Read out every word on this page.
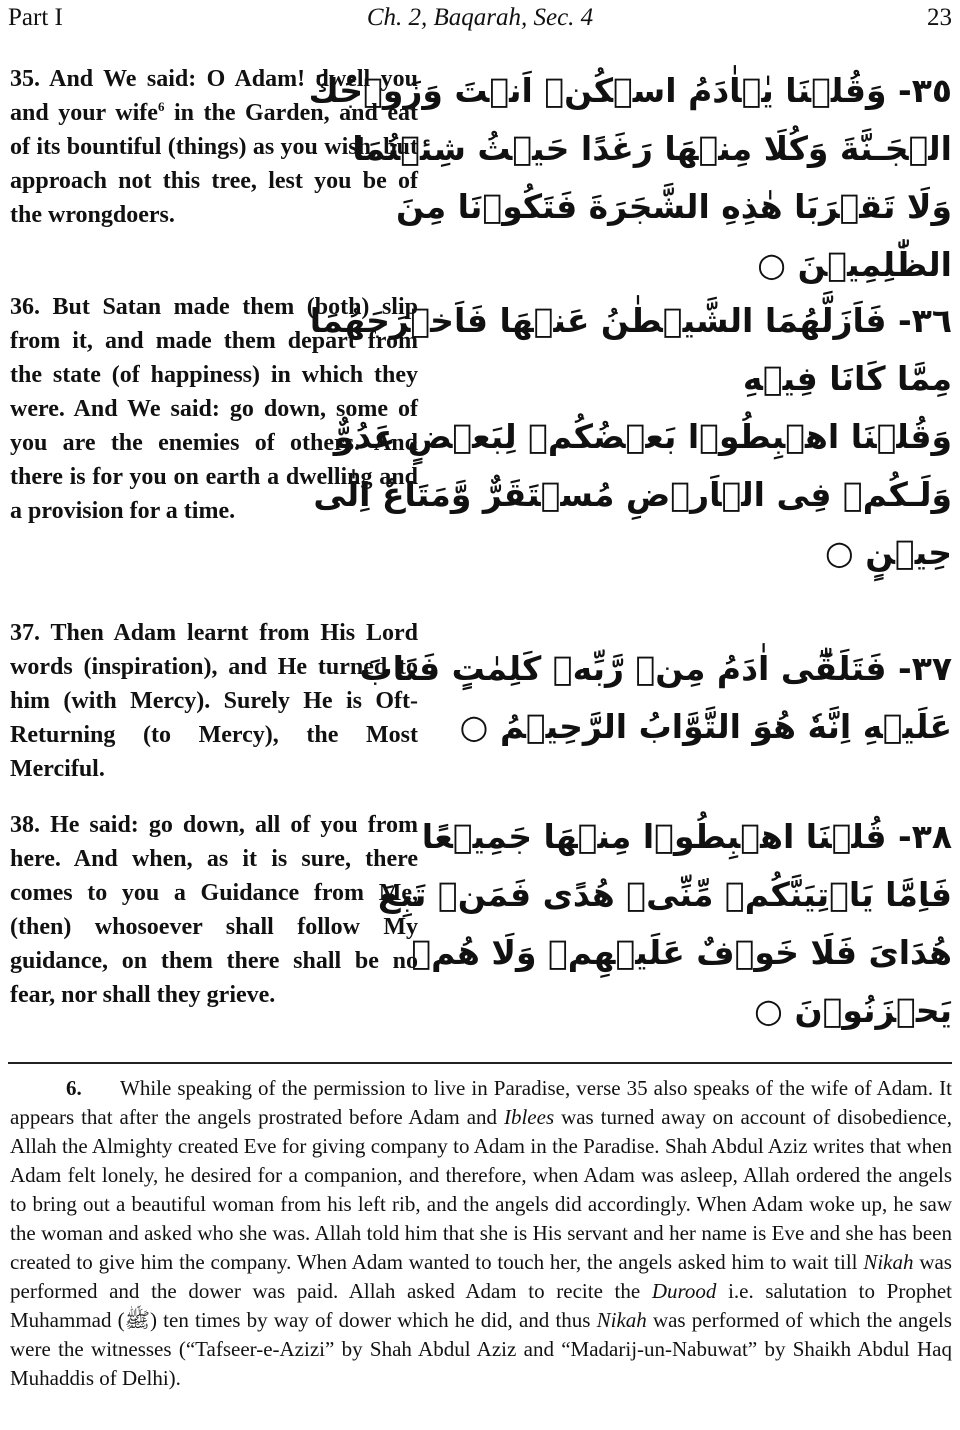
Part I	Ch. 2, Baqarah, Sec. 4	23
35. And We said: O Adam! dwell you and your wife$^6$ in the Garden, and eat of its bountiful (things) as you wish, but approach not this tree, lest you be of the wrongdoers.
٣٥- وَقُلۡنَا يٰۤاٰدَمُ اسۡكُنۡ اَنۡتَ وَزَوۡجُكَ
الۡجَـنَّةَ وَكُلَا مِنۡهَا رَغَدًا حَيۡثُ شِئۡتُمَا
وَلَا تَقۡرَبَا هٰذِهِ الشَّجَرَةَ فَتَكُوۡنَا مِنَ
الظّٰلِمِيۡنَ ○
36. But Satan made them (both) slip from it, and made them depart from the state (of happiness) in which they were. And We said: go down, some of you are the enemies of others. And there is for you on earth a dwelling and a provision for a time.
٣٦- فَاَزَلَّهُمَا الشَّيۡطٰنُ عَنۡهَا فَاَخۡرَجَهُمَا
مِمَّا كَانَا فِيۡهِ
وَقُلۡنَا اهۡبِطُوۡا بَعۡضُكُمۡ لِبَعۡضٍ عَدُوٌّ
وَلَـكُمۡ فِى الۡاَرۡضِ مُسۡتَقَرٌّ وَّمَتَاعٌ اِلٰى
حِيۡنٍ ○
37. Then Adam learnt from His Lord words (inspiration), and He turned to him (with Mercy). Surely He is Oft-Returning (to Mercy), the Most Merciful.
٣٧- فَتَلَقّٰٓى اٰدَمُ مِنۡ رَّبِّهٖ كَلِمٰتٍ فَتَابَ
عَلَيۡهِ اِنَّهٗ هُوَ التَّوَّابُ الرَّحِيۡمُ ○
38. He said: go down, all of you from here. And when, as it is sure, there comes to you a Guidance from Me, (then) whosoever shall follow My guidance, on them there shall be no fear, nor shall they grieve.
٣٨- قُلۡنَا اهۡبِطُوۡا مِنۡهَا جَمِيۡعًا
فَاِمَّا يَاۡتِيَنَّكُمۡ مِّنِّىۡ هُدًى فَمَنۡ تَبِعَ
هُدَاىَ فَلَا خَوۡفٌ عَلَيۡهِمۡ وَلَا هُمۡ
يَحۡزَنُوۡنَ ○
6. While speaking of the permission to live in Paradise, verse 35 also speaks of the wife of Adam. It appears that after the angels prostrated before Adam and Iblees was turned away on account of disobedience, Allah the Almighty created Eve for giving company to Adam in the Paradise. Shah Abdul Aziz writes that when Adam felt lonely, he desired for a companion, and therefore, when Adam was asleep, Allah ordered the angels to bring out a beautiful woman from his left rib, and the angels did accordingly. When Adam woke up, he saw the woman and asked who she was. Allah told him that she is His servant and her name is Eve and she has been created to give him the company. When Adam wanted to touch her, the angels asked him to wait till Nikah was performed and the dower was paid. Allah asked Adam to recite the Durood i.e. salutation to Prophet Muhammad (ﷺ) ten times by way of dower which he did, and thus Nikah was performed of which the angels were the witnesses (“Tafseer-e-Azizi” by Shah Abdul Aziz and “Madarij-un-Nabuwat” by Shaikh Abdul Haq Muhaddis of Delhi).
